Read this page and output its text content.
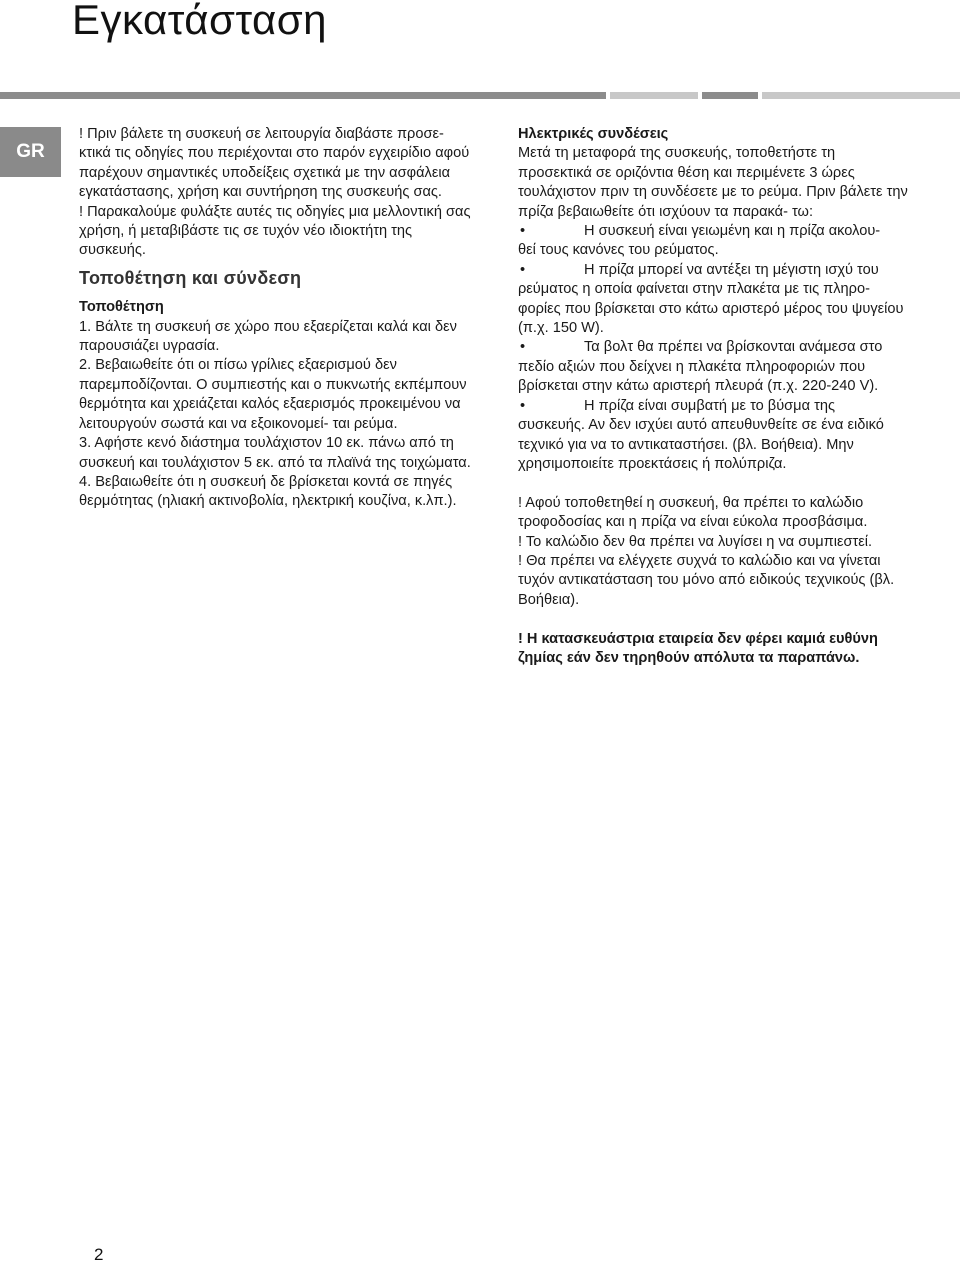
Εγκατάσταση
GR

! Πριν βάλετε τη συσκευή σε λειτουργία διαβάστε προσε- κτικά τις οδηγίες που περιέχονται στο παρόν εγχειρίδιο αφού παρέχουν σημαντικές υποδείξεις σχετικά με την ασφάλεια εγκατάστασης, χρήση και συντήρηση της συσκευής σας.

! Παρακαλούμε φυλάξτε αυτές τις οδηγίες μια μελλοντική σας χρήση, ή μεταβιβάστε τις σε τυχόν νέο ιδιοκτήτη της συσκευής.

Τοποθέτηση και σύνδεση

Τοποθέτηση

1. Βάλτε τη συσκευή σε χώρο που εξαερίζεται καλά και δεν παρουσιάζει υγρασία.

2. Βεβαιωθείτε ότι οι πίσω γρίλιες εξαερισμού δεν παρεμποδίζονται. Ο συμπιεστής και ο πυκνωτής εκπέμπουν θερμότητα και χρειάζεται καλός εξαερισμός προκειμένου να λειτουργούν σωστά και να εξοικονομεί- ται ρεύμα.

3. Αφήστε κενό διάστημα τουλάχιστον 10 εκ. πάνω από τη συσκευή και τουλάχιστον 5 εκ. από τα πλαϊνά της τοιχώματα.

4. Βεβαιωθείτε ότι η συσκευή δε βρίσκεται κοντά σε πηγές θερμότητας (ηλιακή ακτινοβολία, ηλεκτρική κουζίνα, κ.λπ.).

Ηλεκτρικές συνδέσεις

Μετά τη μεταφορά της συσκευής, τοποθετήστε τη προσεκτικά σε οριζόντια θέση και περιμένετε 3 ώρες τουλάχιστον πριν τη συνδέσετε με το ρεύμα. Πριν βάλετε την πρίζα βεβαιωθείτε ότι ισχύουν τα παρακά- τω:

•	Η συσκευή είναι γειωμένη και η πρίζα ακολου-

θεί τους κανόνες του ρεύματος.

•	Η πρίζα μπορεί να αντέξει τη μέγιστη ισχύ του

ρεύματος η οποία φαίνεται στην πλακέτα με τις πληρο- φορίες που βρίσκεται στο κάτω αριστερό μέρος του ψυγείου (π.χ. 150 W).

•	Τα βολτ θα πρέπει να βρίσκονται ανάμεσα στο

πεδίο αξιών που δείχνει η πλακέτα πληροφοριών που βρίσκεται στην κάτω αριστερή πλευρά (π.χ. 220-240 V).

•	Η πρίζα είναι συμβατή με το βύσμα της

συσκευής. Αν δεν ισχύει αυτό απευθυνθείτε σε ένα ειδικό τεχνικό για να το αντικαταστήσει. (βλ. Βοήθεια). Μην χρησιμοποιείτε προεκτάσεις ή πολύπριζα.

! Αφού τοποθετηθεί η συσκευή, θα πρέπει το καλώδιο τροφοδοσίας και η πρίζα να είναι εύκολα προσβάσιμα.

! Το καλώδιο δεν θα πρέπει να λυγίσει η να συμπιεστεί.

! Θα πρέπει να ελέγχετε συχνά το καλώδιο και να γίνεται τυχόν αντικατάσταση του μόνο από ειδικούς τεχνικούς (βλ. Βοήθεια).

! Η κατασκευάστρια εταιρεία δεν φέρει καμιά ευθύνη ζημίας εάν δεν τηρηθούν απόλυτα τα παραπάνω.

2
